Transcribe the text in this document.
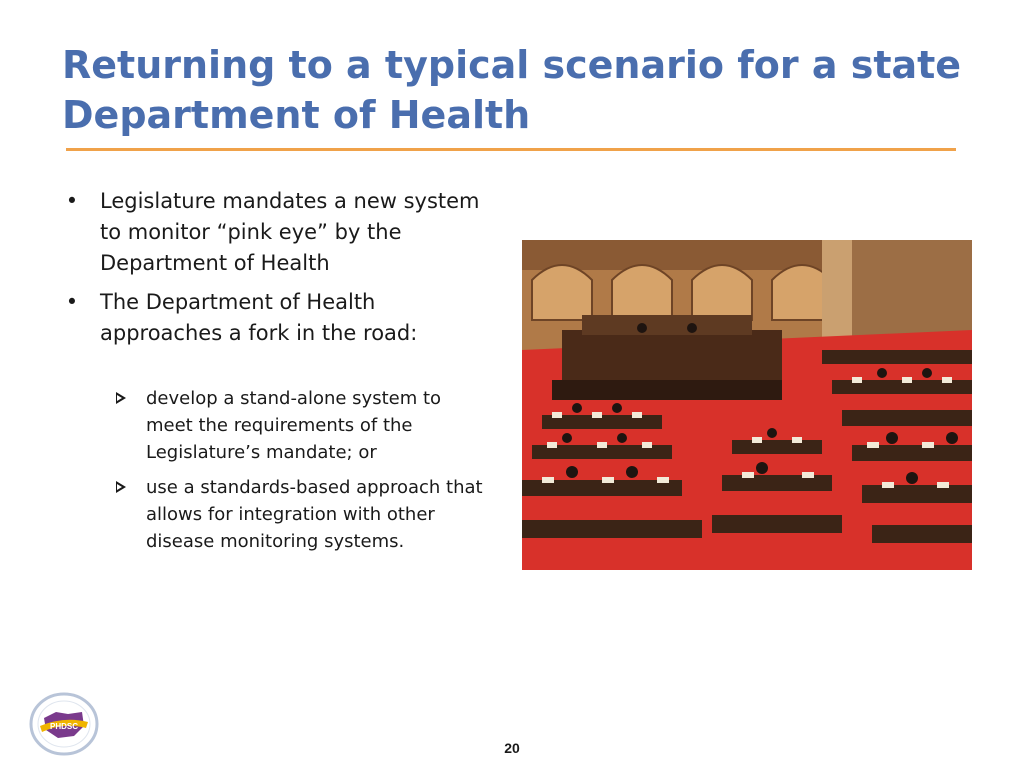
Returning to a typical scenario for a state
Department of Health
• Legislature mandates a new system to monitor “pink eye” by the Department of Health
• The Department of Health approaches a fork in the road:
develop a stand-alone system to meet the requirements of the Legislature’s mandate; or
use a standards-based approach that allows for integration with other disease monitoring systems.
PHDSC
20
